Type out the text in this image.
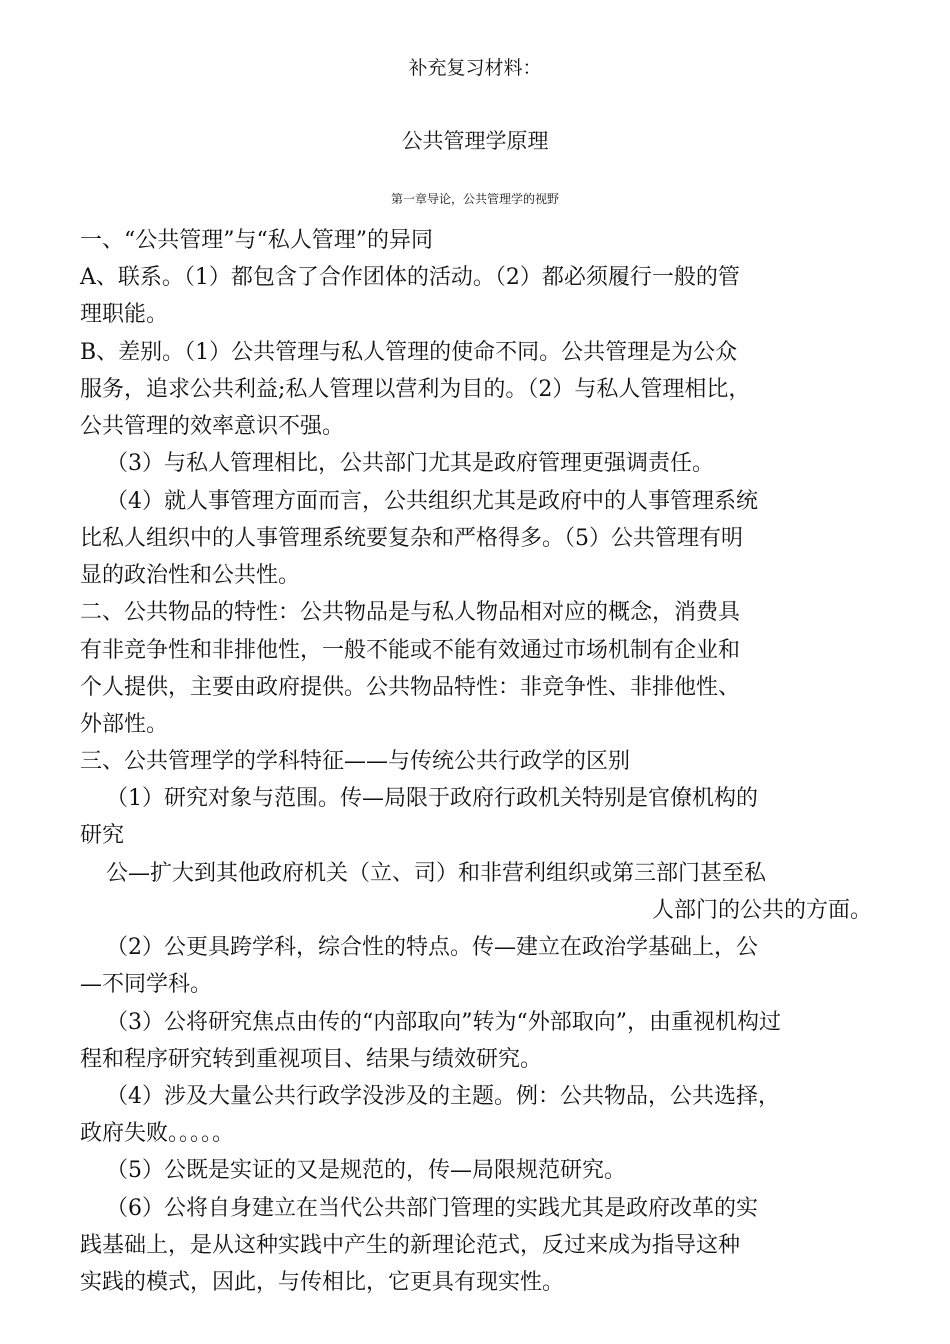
补充复习材料：
公共管理学原理
第一章导论，公共管理学的视野
一、“公共管理”与“私人管理”的异同
A、联系。（1）都包含了合作团体的活动。（2）都必须履行一般的管
理职能。
B、差别。（1）公共管理与私人管理的使命不同。公共管理是为公众
服务，追求公共利益;私人管理以营利为目的。（2）与私人管理相比，
公共管理的效率意识不强。
（3）与私人管理相比，公共部门尤其是政府管理更强调责任。
（4）就人事管理方面而言，公共组织尤其是政府中的人事管理系统
比私人组织中的人事管理系统要复杂和严格得多。（5）公共管理有明
显的政治性和公共性。
二、公共物品的特性：公共物品是与私人物品相对应的概念，消费具
有非竞争性和非排他性，一般不能或不能有效通过市场机制有企业和
个人提供，主要由政府提供。公共物品特性：非竞争性、非排他性、
外部性。
三、公共管理学的学科特征——与传统公共行政学的区别
（1）研究对象与范围。传—局限于政府行政机关特别是官僚机构的
研究
公—扩大到其他政府机关（立、司）和非营利组织或第三部门甚至私
人部门的公共的方面。
（2）公更具跨学科，综合性的特点。传—建立在政治学基础上，公
—不同学科。
（3）公将研究焦点由传的“内部取向”转为“外部取向”，由重视机构过
程和程序研究转到重视项目、结果与绩效研究。
（4）涉及大量公共行政学没涉及的主题。例：公共物品，公共选择，
政府失败。。。。。
（5）公既是实证的又是规范的，传—局限规范研究。
（6）公将自身建立在当代公共部门管理的实践尤其是政府改革的实
践基础上，是从这种实践中产生的新理论范式，反过来成为指导这种
实践的模式，因此，与传相比，它更具有现实性。
